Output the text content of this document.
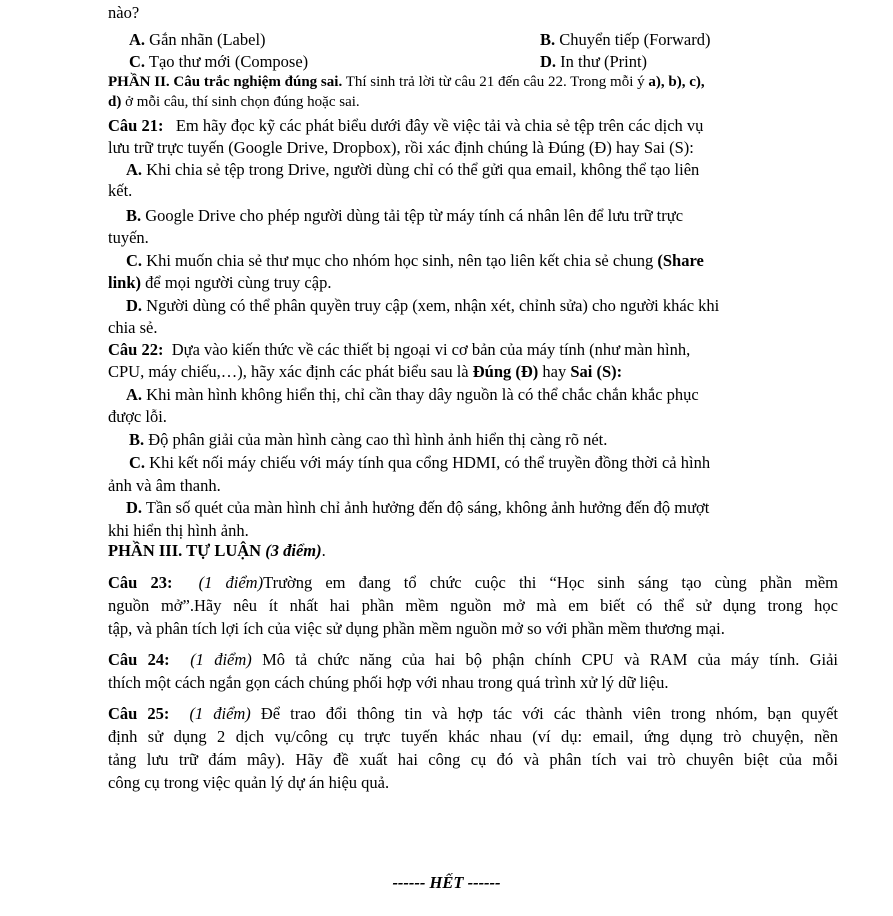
nào?
A. Gắn nhãn (Label)	B. Chuyển tiếp (Forward)
C. Tạo thư mới (Compose)	D. In thư (Print)
PHẦN II. Câu trắc nghiệm đúng sai. Thí sinh trả lời từ câu 21 đến câu 22. Trong mỗi ý a), b), c),
d) ở mỗi câu, thí sinh chọn đúng hoặc sai.
Câu 21: Em hãy đọc kỹ các phát biểu dưới đây về việc tải và chia sẻ tệp trên các dịch vụ
lưu trữ trực tuyến (Google Drive, Dropbox), rồi xác định chúng là Đúng (Đ) hay Sai (S):
A. Khi chia sẻ tệp trong Drive, người dùng chỉ có thể gửi qua email, không thể tạo liên
kết.
B. Google Drive cho phép người dùng tải tệp từ máy tính cá nhân lên để lưu trữ trực
tuyến.
C. Khi muốn chia sẻ thư mục cho nhóm học sinh, nên tạo liên kết chia sẻ chung (Share
link) để mọi người cùng truy cập.
D. Người dùng có thể phân quyền truy cập (xem, nhận xét, chỉnh sửa) cho người khác khi
chia sẻ.
Câu 22: Dựa vào kiến thức về các thiết bị ngoại vi cơ bản của máy tính (như màn hình,
CPU, máy chiếu,…), hãy xác định các phát biểu sau là Đúng (Đ) hay Sai (S):
A. Khi màn hình không hiển thị, chỉ cần thay dây nguồn là có thể chắc chắn khắc phục
được lỗi.
B. Độ phân giải của màn hình càng cao thì hình ảnh hiển thị càng rõ nét.
C. Khi kết nối máy chiếu với máy tính qua cổng HDMI, có thể truyền đồng thời cả hình
ảnh và âm thanh.
D. Tần số quét của màn hình chỉ ảnh hưởng đến độ sáng, không ảnh hưởng đến độ mượt
khi hiển thị hình ảnh.
PHẦN III. TỰ LUẬN (3 điểm).
Câu 23: (1 điểm)Trường em đang tổ chức cuộc thi “Học sinh sáng tạo cùng phần mềm
nguồn mở”.Hãy nêu ít nhất hai phần mềm nguồn mở mà em biết có thể sử dụng trong học
tập, và phân tích lợi ích của việc sử dụng phần mềm nguồn mở so với phần mềm thương mại.
Câu 24: (1 điểm) Mô tả chức năng của hai bộ phận chính CPU và RAM của máy tính. Giải
thích một cách ngắn gọn cách chúng phối hợp với nhau trong quá trình xử lý dữ liệu.
Câu 25: (1 điểm) Để trao đổi thông tin và hợp tác với các thành viên trong nhóm, bạn quyết
định sử dụng 2 dịch vụ/công cụ trực tuyến khác nhau (ví dụ: email, ứng dụng trò chuyện, nền
tảng lưu trữ đám mây). Hãy đề xuất hai công cụ đó và phân tích vai trò chuyên biệt của mỗi
công cụ trong việc quản lý dự án hiệu quả.
------ HẾT ------
